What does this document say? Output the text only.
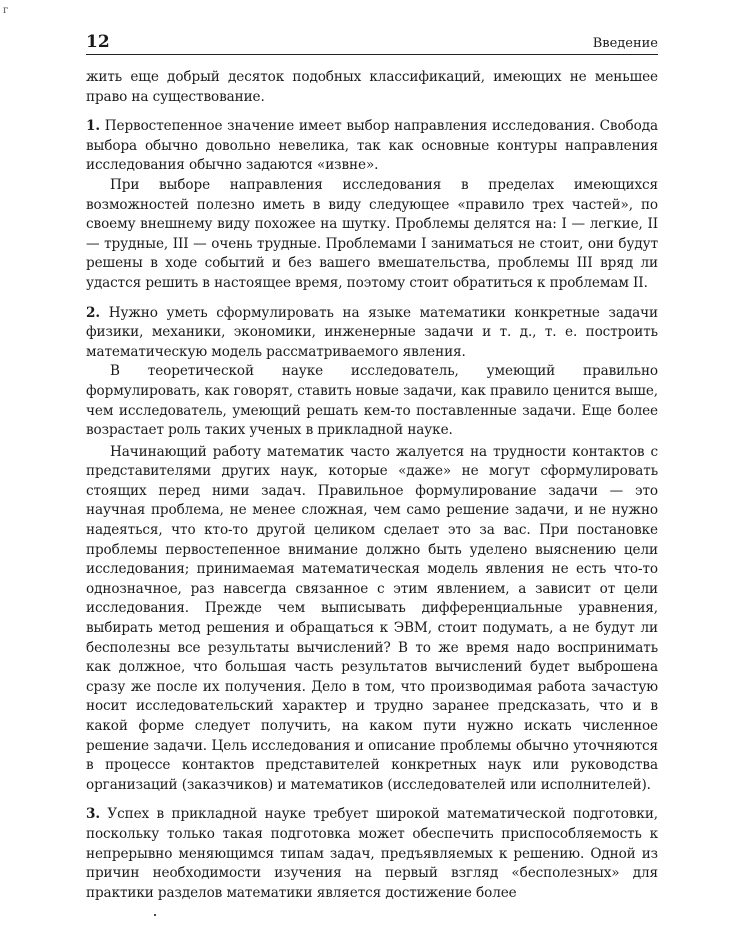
г
12	Введение

жить еще добрый десяток подобных классификаций, имеющих не меньшее право на существование.

1. Первостепенное значение имеет выбор направления исследования. Свобода выбора обычно довольно невелика, так как основные контуры направления исследования обычно задаются «извне».

При выборе направления исследования в пределах имеющихся возможностей полезно иметь в виду следующее «правило трех частей», по своему внешнему виду похожее на шутку. Проблемы делятся на: I — легкие, II — трудные, III — очень трудные. Проблемами I заниматься не стоит, они будут решены в ходе событий и без вашего вмешательства, проблемы III вряд ли удастся решить в настоящее время, поэтому стоит обратиться к проблемам II.

2. Нужно уметь сформулировать на языке математики конкретные задачи физики, механики, экономики, инженерные задачи и т. д., т. е. построить математическую модель рассматриваемого явления.

В теоретической науке исследователь, умеющий правильно формулировать, как говорят, ставить новые задачи, как правило ценится выше, чем исследователь, умеющий решать кем-то поставленные задачи. Еще более возрастает роль таких ученых в прикладной науке.

Начинающий работу математик часто жалуется на трудности контактов с представителями других наук, которые «даже» не могут сформулировать стоящих перед ними задач. Правильное формулирование задачи — это научная проблема, не менее сложная, чем само решение задачи, и не нужно надеяться, что кто-то другой целиком сделает это за вас. При постановке проблемы первостепенное внимание должно быть уделено выяснению цели исследования; принимаемая математическая модель явления не есть что-то однозначное, раз навсегда связанное с этим явлением, а зависит от цели исследования. Прежде чем выписывать дифференциальные уравнения, выбирать метод решения и обращаться к ЭВМ, стоит подумать, а не будут ли бесполезны все результаты вычислений? В то же время надо воспринимать как должное, что большая часть результатов вычислений будет выброшена сразу же после их получения. Дело в том, что производимая работа зачастую носит исследовательский характер и трудно заранее предсказать, что и в какой форме следует получить, на каком пути нужно искать численное решение задачи. Цель исследования и описание проблемы обычно уточняются в процессе контактов представителей конкретных наук или руководства организаций (заказчиков) и математиков (исследователей или исполнителей).

3. Успех в прикладной науке требует широкой математической подготовки, поскольку только такая подготовка может обеспечить приспособляемость к непрерывно меняющимся типам задач, предъявляемых к решению. Одной из причин необходимости изучения на первый взгляд «бесполезных» для практики разделов математики является достижение более
